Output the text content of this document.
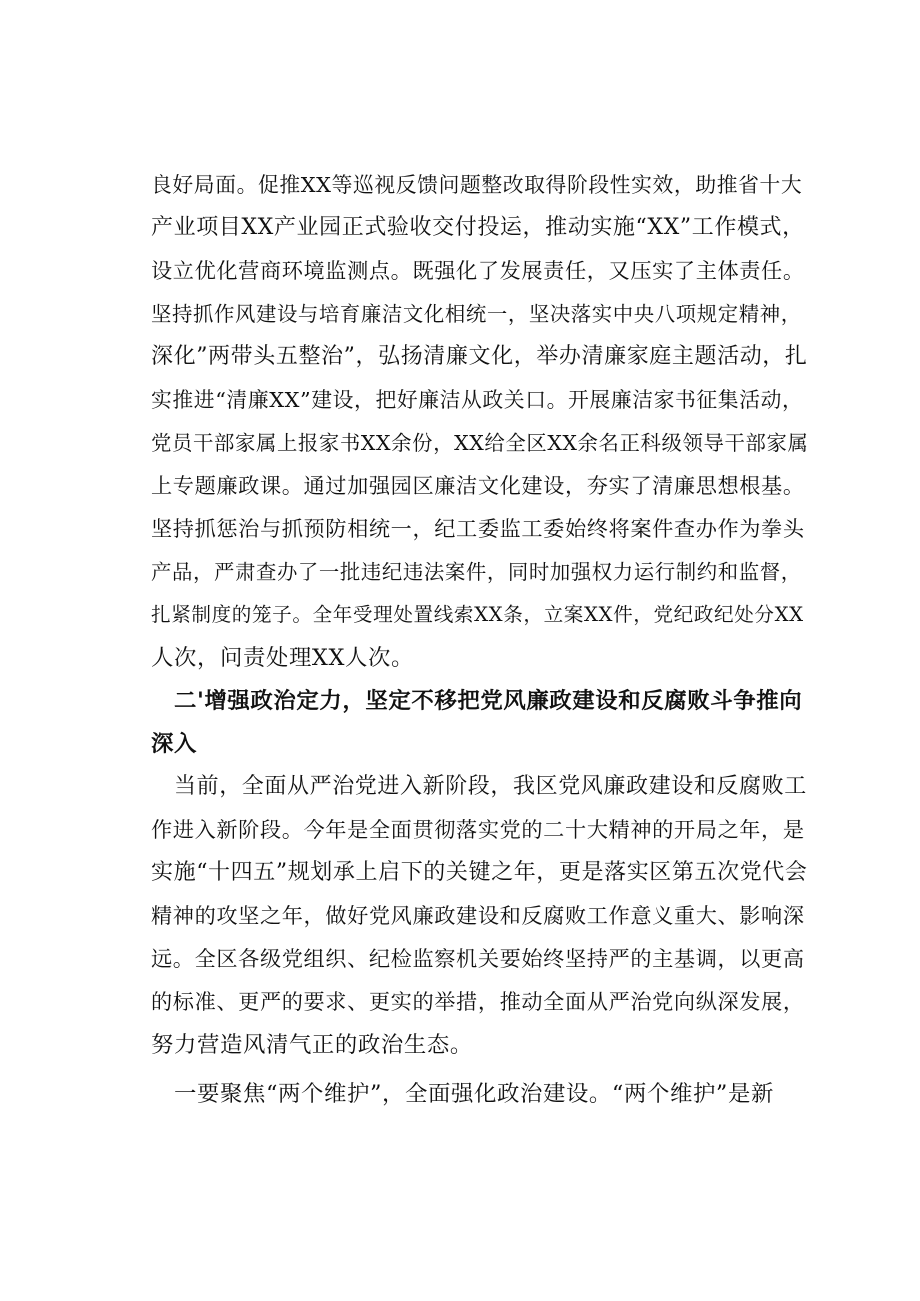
良好局面。促推XX等巡视反馈问题整改取得阶段性实效，助推省十大
产业项目XX产业园正式验收交付投运，推动实施“XX”工作模式，
设立优化营商环境监测点。既强化了发展责任，又压实了主体责任。
坚持抓作风建设与培育廉洁文化相统一，坚决落实中央八项规定精神，
深化”两带头五整治”，弘扬清廉文化，举办清廉家庭主题活动，扎
实推进“清廉XX”建设，把好廉洁从政关口。开展廉洁家书征集活动，
党员干部家属上报家书XX余份，XX给全区XX余名正科级领导干部家属
上专题廉政课。通过加强园区廉洁文化建设，夯实了清廉思想根基。
坚持抓惩治与抓预防相统一，纪工委监工委始终将案件查办作为拳头
产品，严肃查办了一批违纪违法案件，同时加强权力运行制约和监督，
扎紧制度的笼子。全年受理处置线索XX条，立案XX件，党纪政纪处分XX
人次，问责处理XX人次。
二'增强政治定力，坚定不移把党风廉政建设和反腐败斗争推向
深入
当前，全面从严治党进入新阶段，我区党风廉政建设和反腐败工
作进入新阶段。今年是全面贯彻落实党的二十大精神的开局之年，是
实施“十四五”规划承上启下的关键之年，更是落实区第五次党代会
精神的攻坚之年，做好党风廉政建设和反腐败工作意义重大、影响深
远。全区各级党组织、纪检监察机关要始终坚持严的主基调，以更高
的标准、更严的要求、更实的举措，推动全面从严治党向纵深发展，
努力营造风清气正的政治生态。
一要聚焦“两个维护”，全面强化政治建设。“两个维护”是新
